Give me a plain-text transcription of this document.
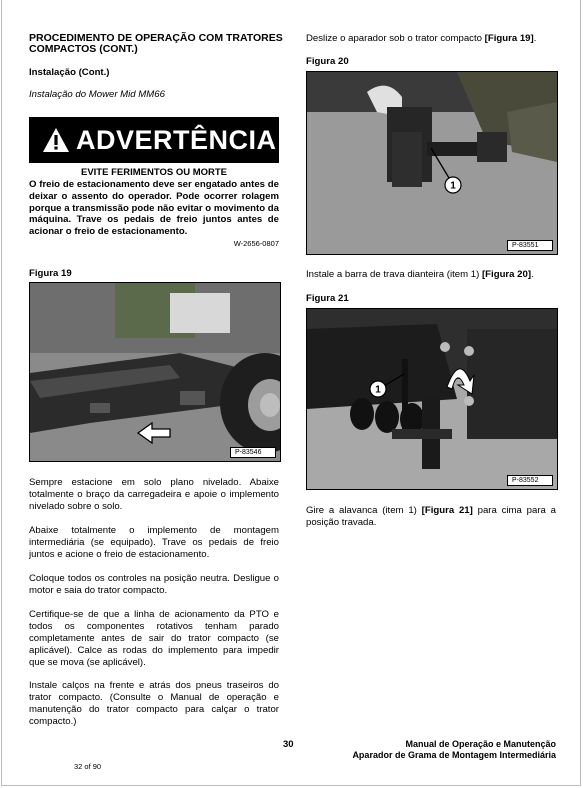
PROCEDIMENTO DE OPERAÇÃO COM TRATORES
COMPACTOS (CONT.)
Instalação (Cont.)
Instalação do Mower Mid MM66
ADVERTÊNCIA
EVITE FERIMENTOS OU MORTE
O freio de estacionamento deve ser engatado antes de deixar o assento do operador. Pode ocorrer rolagem porque a transmissão pode não evitar o movimento da máquina. Trave os pedais de freio juntos antes de acionar o freio de estacionamento.
W-2656-0807
Figura 19
P-83546
Sempre estacione em solo plano nivelado. Abaixe totalmente o braço da carregadeira e apoie o implemento nivelado sobre o solo.
Abaixe totalmente o implemento de montagem intermediária (se equipado). Trave os pedais de freio juntos e acione o freio de estacionamento.
Coloque todos os controles na posição neutra. Desligue o motor e saia do trator compacto.
Certifique-se de que a linha de acionamento da PTO e todos os componentes rotativos tenham parado completamente antes de sair do trator compacto (se aplicável). Calce as rodas do implemento para impedir que se mova (se aplicável).
Instale calços na frente e atrás dos pneus traseiros do trator compacto. (Consulte o Manual de operação e manutenção do trator compacto para calçar o trator compacto.)
Deslize o aparador sob o trator compacto [Figura 19].
Figura 20
1
P-83551
Instale a barra de trava dianteira (item 1) [Figura 20].
Figura 21
1
P-83552
Gire a alavanca (item 1) [Figura 21] para cima para a posição travada.
30	Manual de Operação e Manutenção
Aparador de Grama de Montagem Intermediária
32 of 90
